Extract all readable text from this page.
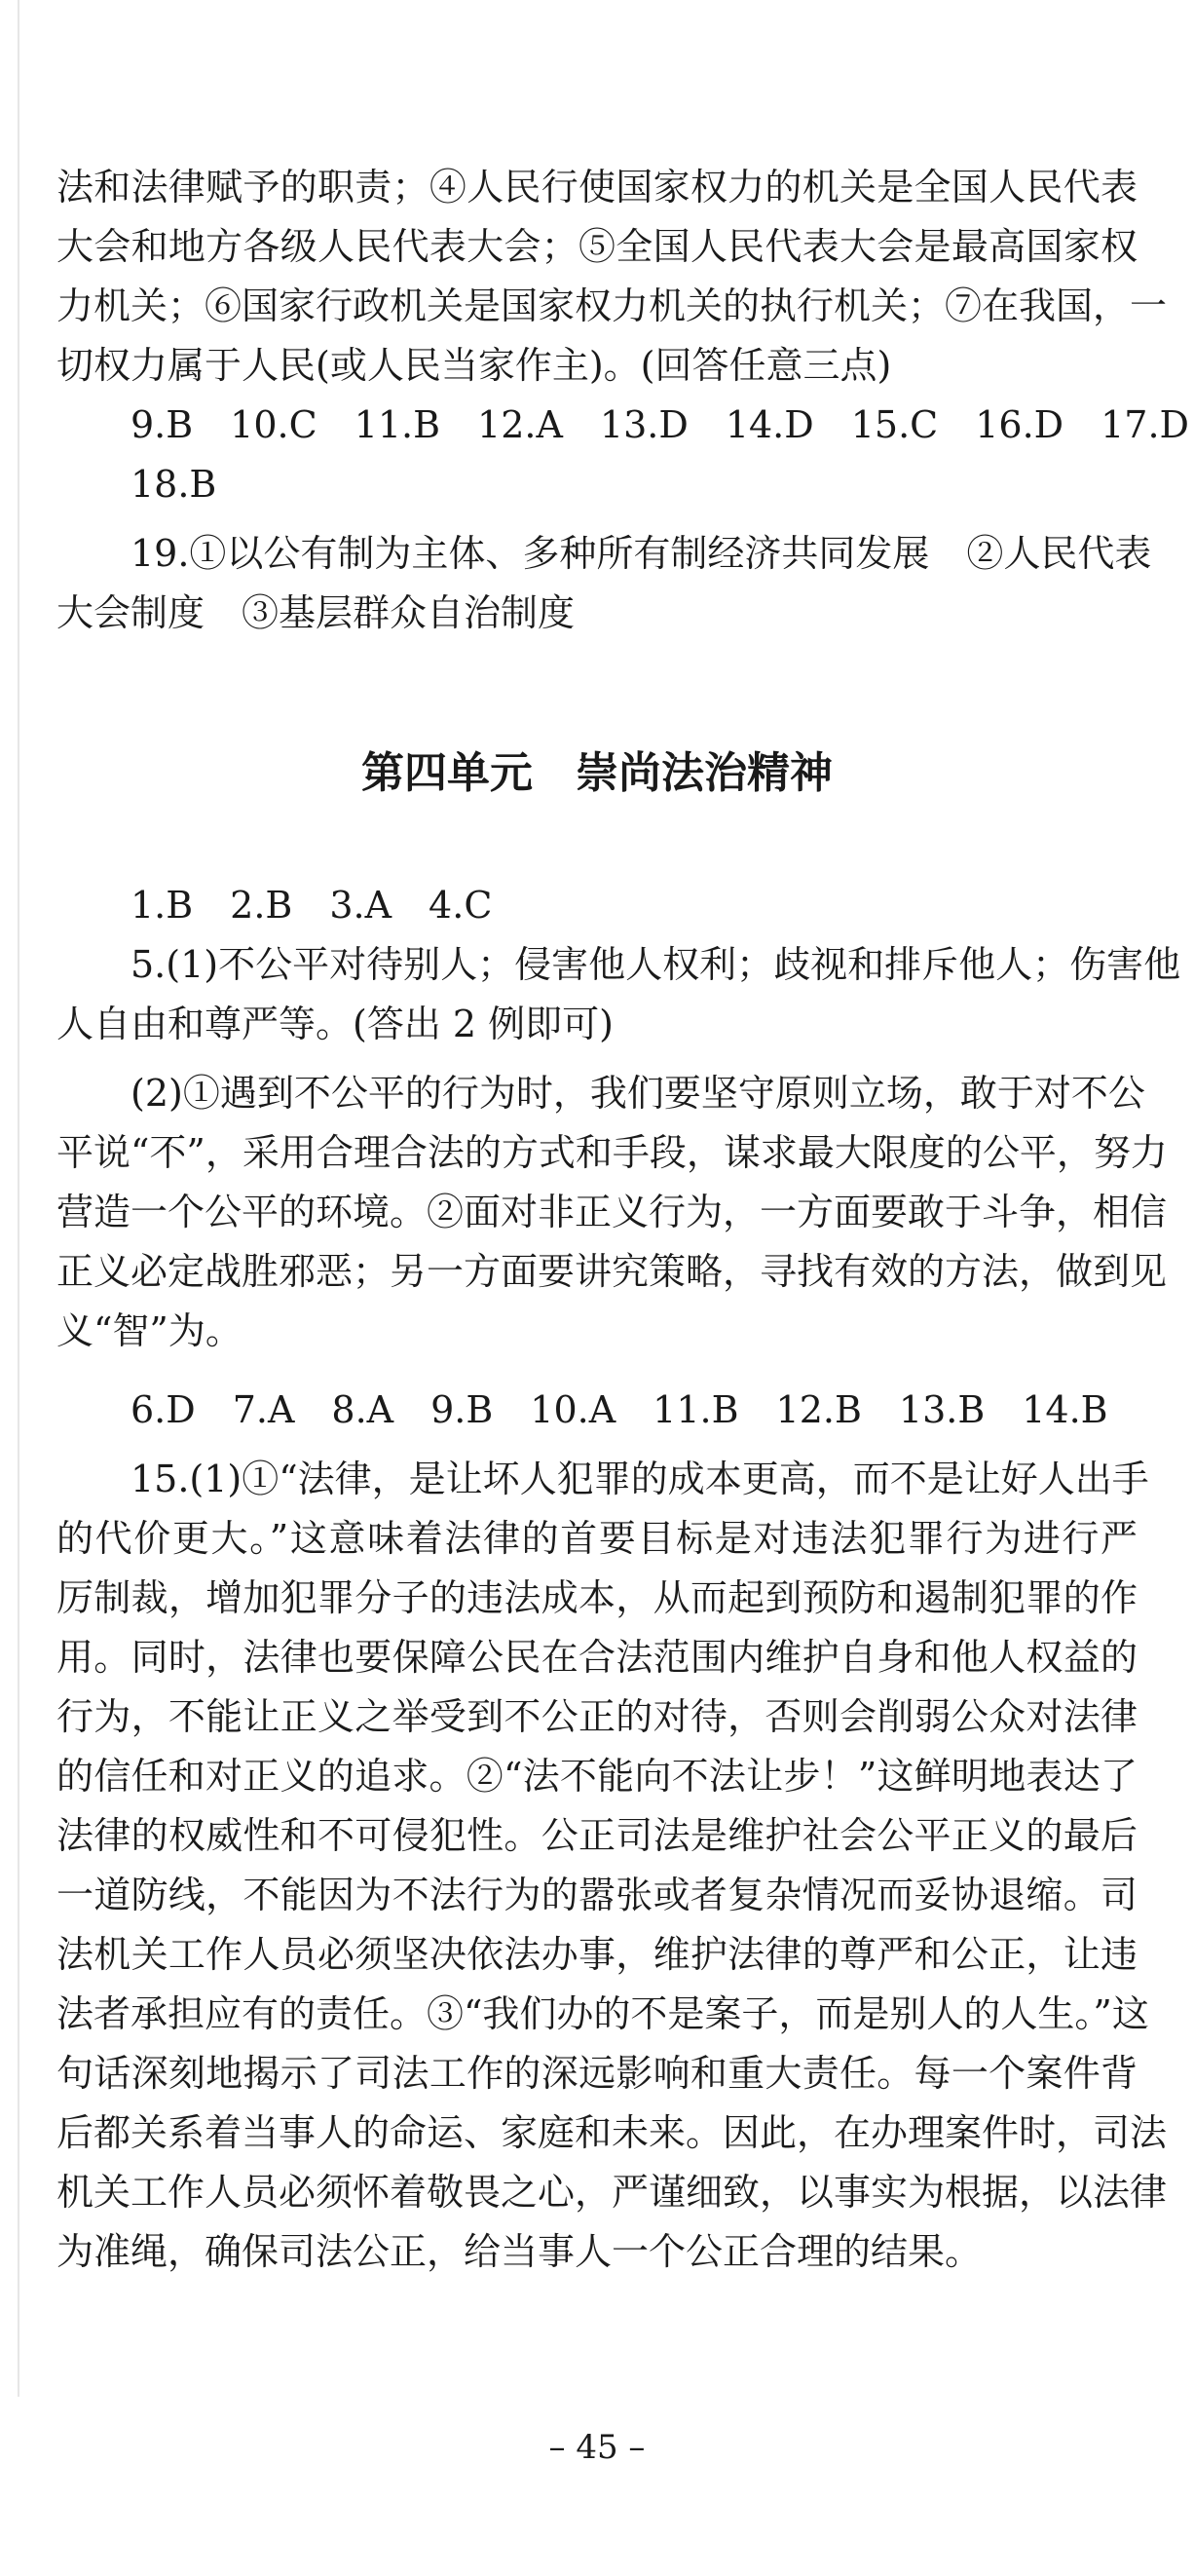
法和法律赋予的职责；④人民行使国家权力的机关是全国人民代表
大会和地方各级人民代表大会；⑤全国人民代表大会是最高国家权
力机关；⑥国家行政机关是国家权力机关的执行机关；⑦在我国，一
切权力属于人民(或人民当家作主)。(回答任意三点)
9.B　10.C　11.B　12.A　13.D　14.D　15.C　16.D　17.D
18.B
19.①以公有制为主体、多种所有制经济共同发展　②人民代表
大会制度　③基层群众自治制度
第四单元　崇尚法治精神
1.B　2.B　3.A　4.C
5.(1)不公平对待别人；侵害他人权利；歧视和排斥他人；伤害他
人自由和尊严等。(答出 2 例即可)
(2)①遇到不公平的行为时，我们要坚守原则立场，敢于对不公
平说“不”，采用合理合法的方式和手段，谋求最大限度的公平，努力
营造一个公平的环境。②面对非正义行为，一方面要敢于斗争，相信
正义必定战胜邪恶；另一方面要讲究策略，寻找有效的方法，做到见
义“智”为。
6.D　7.A　8.A　9.B　10.A　11.B　12.B　13.B　14.B
15.(1)①“法律，是让坏人犯罪的成本更高，而不是让好人出手
的代价更大。”这意味着法律的首要目标是对违法犯罪行为进行严
厉制裁，增加犯罪分子的违法成本，从而起到预防和遏制犯罪的作
用。同时，法律也要保障公民在合法范围内维护自身和他人权益的
行为，不能让正义之举受到不公正的对待，否则会削弱公众对法律
的信任和对正义的追求。②“法不能向不法让步！”这鲜明地表达了
法律的权威性和不可侵犯性。公正司法是维护社会公平正义的最后
一道防线，不能因为不法行为的嚣张或者复杂情况而妥协退缩。司
法机关工作人员必须坚决依法办事，维护法律的尊严和公正，让违
法者承担应有的责任。③“我们办的不是案子，而是别人的人生。”这
句话深刻地揭示了司法工作的深远影响和重大责任。每一个案件背
后都关系着当事人的命运、家庭和未来。因此，在办理案件时，司法
机关工作人员必须怀着敬畏之心，严谨细致，以事实为根据，以法律
为准绳，确保司法公正，给当事人一个公正合理的结果。
– 45 –
